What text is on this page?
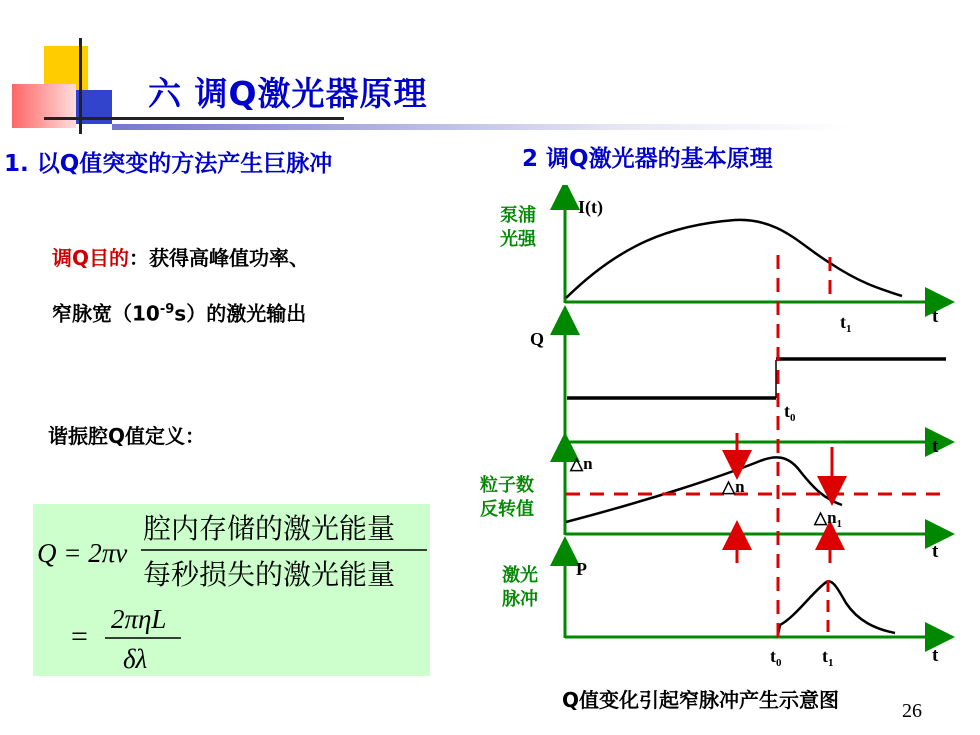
六 调Q激光器原理
1. 以Q值突变的方法产生巨脉冲	2 调Q激光器的基本原理
调Q目的：获得高峰值功率、
窄脉宽$(10^{-9}s)$的激光输出
谐振腔Q值定义：
Q = 2πν
腔内存储的激光能量
每秒损失的激光能量
=
2πηL
δλ
I(t)
Q
△n
△n
$\triangle n_1$
P
t
t
t
t
$t_1$
$t_0$
$t_0$ $t_1$
泵浦
光强
粒子数
反转值
激光
脉冲
Q值变化引起窄脉冲产生示意图	26
